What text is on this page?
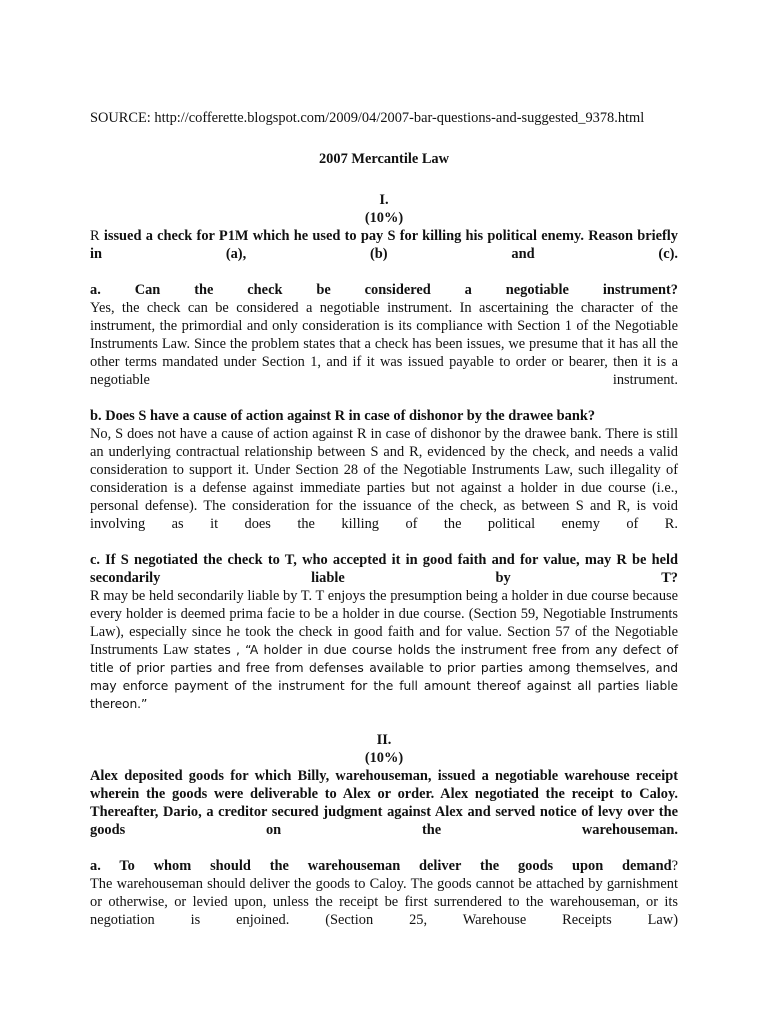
SOURCE: http://cofferette.blogspot.com/2009/04/2007-bar-questions-and-suggested_9378.html

2007 Mercantile Law

I.

(10%)

R issued a check for P1M which he used to pay S for killing his political enemy. Reason briefly in (a), (b) and (c).

a. Can the check be considered a negotiable instrument?

Yes, the check can be considered a negotiable instrument. In ascertaining the character of the instrument, the primordial and only consideration is its compliance with Section 1 of the Negotiable Instruments Law. Since the problem states that a check has been issues, we presume that it has all the other terms mandated under Section 1, and if it was issued payable to order or bearer, then it is a negotiable instrument.

b. Does S have a cause of action against R in case of dishonor by the drawee bank?

No, S does not have a cause of action against R in case of dishonor by the drawee bank. There is still an underlying contractual relationship between S and R, evidenced by the check, and needs a valid consideration to support it. Under Section 28 of the Negotiable Instruments Law, such illegality of consideration is a defense against immediate parties but not against a holder in due course (i.e., personal defense). The consideration for the issuance of the check, as between S and R, is void involving as it does the killing of the political enemy of R.

c. If S negotiated the check to T, who accepted it in good faith and for value, may R be held secondarily liable by T?

R may be held secondarily liable by T. T enjoys the presumption being a holder in due course because every holder is deemed prima facie to be a holder in due course. (Section 59, Negotiable Instruments Law), especially since he took the check in good faith and for value. Section 57 of the Negotiable Instruments Law states , “A holder in due course holds the instrument free from any defect of title of prior parties and free from defenses available to prior parties among themselves, and may enforce payment of the instrument for the full amount thereof against all parties liable thereon.”

II.

(10%)

Alex deposited goods for which Billy, warehouseman, issued a negotiable warehouse receipt wherein the goods were deliverable to Alex or order. Alex negotiated the receipt to Caloy. Thereafter, Dario, a creditor secured judgment against Alex and served notice of levy over the goods on the warehouseman.

a. To whom should the warehouseman deliver the goods upon demand?

The warehouseman should deliver the goods to Caloy. The goods cannot be attached by garnishment or otherwise, or levied upon, unless the receipt be first surrendered to the warehouseman, or its negotiation is enjoined. (Section 25, Warehouse Receipts Law)
